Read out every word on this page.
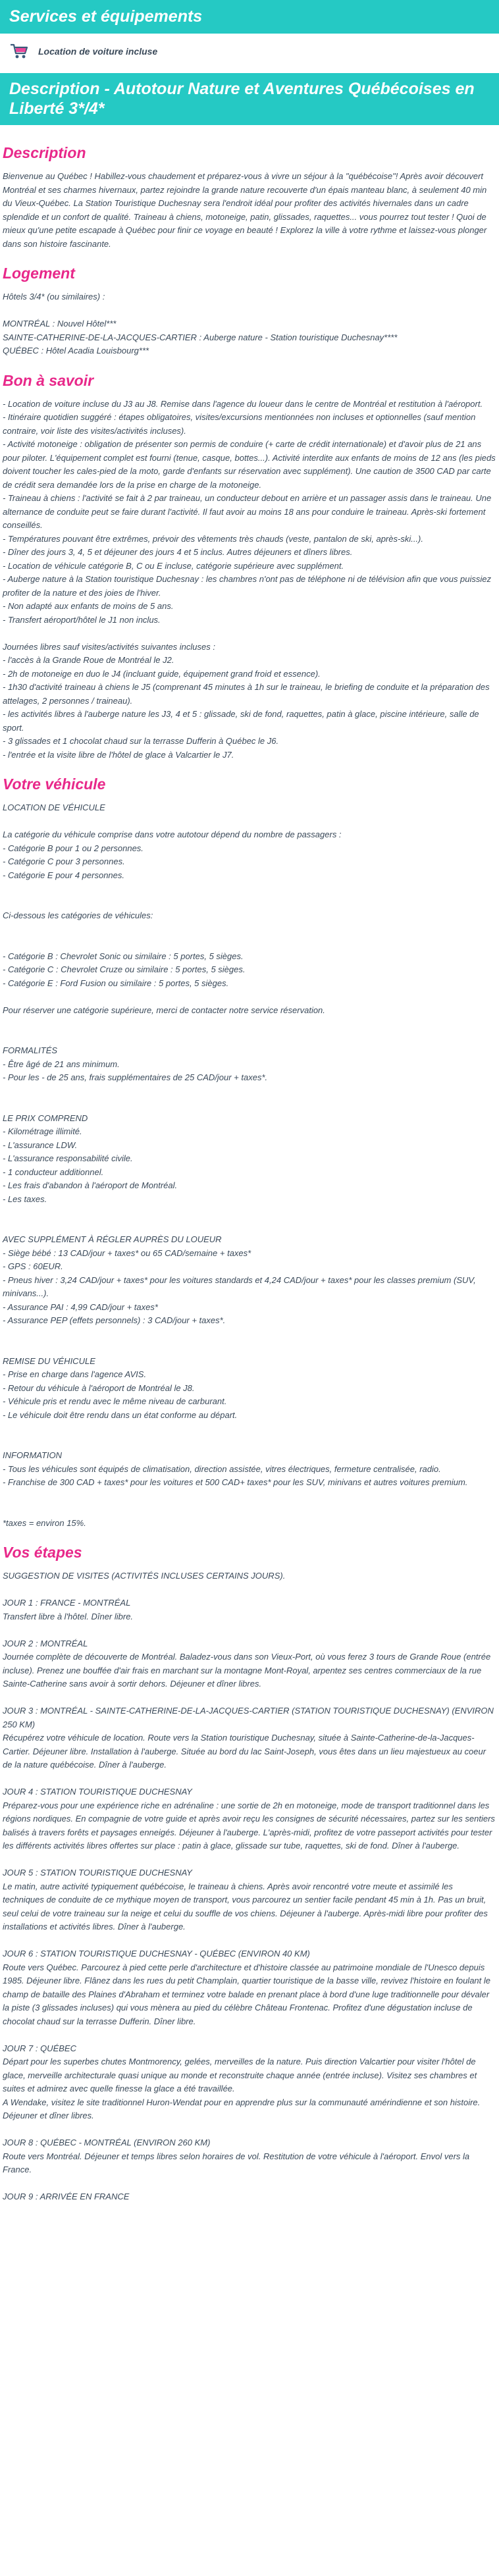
Services et équipements
Location de voiture incluse
Description - Autotour Nature et Aventures Québécoises en Liberté 3*/4*
Description

Bienvenue au Québec ! Habillez-vous chaudement et préparez-vous à vivre un séjour à la "québécoise"! Après avoir découvert Montréal et ses charmes hivernaux, partez rejoindre la grande nature recouverte d'un épais manteau blanc, à seulement 40 min du Vieux-Québec. La Station Touristique Duchesnay sera l'endroit idéal pour profiter des activités hivernales dans un cadre splendide et un confort de qualité. Traineau à chiens, motoneige, patin, glissades, raquettes... vous pourrez tout tester ! Quoi de mieux qu'une petite escapade à Québec pour finir ce voyage en beauté ! Explorez la ville à votre rythme et laissez-vous plonger dans son histoire fascinante.

Logement

Hôtels 3/4* (ou similaires) :

MONTRÉAL : Nouvel Hôtel***

SAINTE-CATHERINE-DE-LA-JACQUES-CARTIER : Auberge nature - Station touristique Duchesnay****

QUÉBEC : Hôtel Acadia Louisbourg***

Bon à savoir

- Location de voiture incluse du J3 au J8. Remise dans l'agence du loueur dans le centre de Montréal et restitution à l'aéroport.

- Itinéraire quotidien suggéré : étapes obligatoires, visites/excursions mentionnées non incluses et optionnelles (sauf mention contraire, voir liste des visites/activités incluses).

- Activité motoneige : obligation de présenter son permis de conduire (+ carte de crédit internationale) et d'avoir plus de 21 ans pour piloter. L'équipement complet est fourni (tenue, casque, bottes...). Activité interdite aux enfants de moins de 12 ans (les pieds doivent toucher les cales-pied de la moto, garde d'enfants sur réservation avec supplément). Une caution de 3500 CAD par carte de crédit sera demandée lors de la prise en charge de la motoneige.

- Traineau à chiens : l'activité se fait à 2 par traineau, un conducteur debout en arrière et un passager assis dans le traineau. Une alternance de conduite peut se faire durant l'activité. Il faut avoir au moins 18 ans pour conduire le traineau. Après-ski fortement conseillés.

- Températures pouvant être extrêmes, prévoir des vêtements très chauds (veste, pantalon de ski, après-ski...).

- Dîner des jours 3, 4, 5 et déjeuner des jours 4 et 5 inclus. Autres déjeuners et dîners libres.

- Location de véhicule catégorie B, C ou E incluse, catégorie supérieure avec supplément.

- Auberge nature à la Station touristique Duchesnay : les chambres n'ont pas de téléphone ni de télévision afin que vous puissiez profiter de la nature et des joies de l'hiver.

- Non adapté aux enfants de moins de 5 ans.

- Transfert aéroport/hôtel le J1 non inclus.

Journées libres sauf visites/activités suivantes incluses :

- l'accès à la Grande Roue de Montréal le J2.

- 2h de motoneige en duo le J4 (incluant guide, équipement grand froid et essence).

- 1h30 d'activité traineau à chiens le J5 (comprenant 45 minutes à 1h sur le traineau, le briefing de conduite et la préparation des attelages, 2 personnes / traineau).

- les activités libres à l'auberge nature les J3, 4 et 5 : glissade, ski de fond, raquettes, patin à glace, piscine intérieure, salle de sport.

- 3 glissades et 1 chocolat chaud sur la terrasse Dufferin à Québec le J6.

- l'entrée et la visite libre de l'hôtel de glace à Valcartier le J7.

Votre véhicule

LOCATION DE VÉHICULE

La catégorie du véhicule comprise dans votre autotour dépend du nombre de passagers :

- Catégorie B pour 1 ou 2 personnes.

- Catégorie C pour 3 personnes.

- Catégorie E pour 4 personnes.

Ci-dessous les catégories de véhicules:

- Catégorie B : Chevrolet Sonic ou similaire : 5 portes, 5 sièges.

- Catégorie C : Chevrolet Cruze ou similaire : 5 portes, 5 sièges.

- Catégorie E : Ford Fusion ou similaire : 5 portes, 5 sièges.

Pour réserver une catégorie supérieure, merci de contacter notre service réservation.

FORMALITÉS

- Être âgé de 21 ans minimum.

- Pour les - de 25 ans, frais supplémentaires de 25 CAD/jour + taxes*.

LE PRIX COMPREND

- Kilométrage illimité.

- L'assurance LDW.

- L'assurance responsabilité civile.

- 1 conducteur additionnel.

- Les frais d'abandon à l'aéroport de Montréal.

- Les taxes.

AVEC SUPPLÉMENT À RÉGLER AUPRÈS DU LOUEUR

- Siège bébé : 13 CAD/jour + taxes* ou 65 CAD/semaine + taxes*

- GPS : 60EUR.

- Pneus hiver : 3,24 CAD/jour + taxes* pour les voitures standards et 4,24 CAD/jour + taxes* pour les classes premium (SUV, minivans...).

- Assurance PAI : 4,99 CAD/jour + taxes*

- Assurance PEP (effets personnels) : 3 CAD/jour + taxes*.

REMISE DU VÉHICULE

- Prise en charge dans l'agence AVIS.

- Retour du véhicule à l'aéroport de Montréal le J8.

- Véhicule pris et rendu avec le même niveau de carburant.

- Le véhicule doit être rendu dans un état conforme au départ.

INFORMATION

- Tous les véhicules sont équipés de climatisation, direction assistée, vitres électriques, fermeture centralisée, radio.

- Franchise de 300 CAD + taxes* pour les voitures et 500 CAD+ taxes* pour les SUV, minivans et autres voitures premium.

*taxes = environ 15%.

Vos étapes

SUGGESTION DE VISITES (ACTIVITÉS INCLUSES CERTAINS JOURS).

JOUR 1 : FRANCE - MONTRÉAL

Transfert libre à l'hôtel. Dîner libre.

JOUR 2 : MONTRÉAL

Journée complète de découverte de Montréal. Baladez-vous dans son Vieux-Port, où vous ferez 3 tours de Grande Roue (entrée incluse). Prenez une bouffée d'air frais en marchant sur la montagne Mont-Royal, arpentez ses centres commerciaux de la rue Sainte-Catherine sans avoir à sortir dehors. Déjeuner et dîner libres.

JOUR 3 : MONTRÉAL - SAINTE-CATHERINE-DE-LA-JACQUES-CARTIER (STATION TOURISTIQUE DUCHESNAY) (ENVIRON 250 KM)

Récupérez votre véhicule de location. Route vers la Station touristique Duchesnay, située à Sainte-Catherine-de-la-Jacques-Cartier. Déjeuner libre. Installation à l'auberge. Située au bord du lac Saint-Joseph, vous êtes dans un lieu majestueux au coeur de la nature québécoise. Dîner à l'auberge.

JOUR 4 : STATION TOURISTIQUE DUCHESNAY

Préparez-vous pour une expérience riche en adrénaline : une sortie de 2h en motoneige, mode de transport traditionnel dans les régions nordiques. En compagnie de votre guide et après avoir reçu les consignes de sécurité nécessaires, partez sur les sentiers balisés à travers forêts et paysages enneigés. Déjeuner à l'auberge. L'après-midi, profitez de votre passeport activités pour tester les différents activités libres offertes sur place : patin à glace, glissade sur tube, raquettes, ski de fond. Dîner à l'auberge.

JOUR 5 : STATION TOURISTIQUE DUCHESNAY

Le matin, autre activité typiquement québécoise, le traineau à chiens. Après avoir rencontré votre meute et assimilé les techniques de conduite de ce mythique moyen de transport, vous parcourez un sentier facile pendant 45 min à 1h. Pas un bruit, seul celui de votre traineau sur la neige et celui du souffle de vos chiens. Déjeuner à l'auberge. Après-midi libre pour profiter des installations et activités libres. Dîner à l'auberge.

JOUR 6 : STATION TOURISTIQUE DUCHESNAY - QUÉBEC (ENVIRON 40 KM)

Route vers Québec. Parcourez à pied cette perle d'architecture et d'histoire classée au patrimoine mondiale de l'Unesco depuis 1985. Déjeuner libre. Flânez dans les rues du petit Champlain, quartier touristique de la basse ville, revivez l'histoire en foulant le champ de bataille des Plaines d'Abraham et terminez votre balade en prenant place à bord d'une luge traditionnelle pour dévaler la piste (3 glissades incluses) qui vous mènera au pied du célèbre Château Frontenac. Profitez d'une dégustation incluse de chocolat chaud sur la terrasse Dufferin. Dîner libre.

JOUR 7 : QUÉBEC

Départ pour les superbes chutes Montmorency, gelées, merveilles de la nature. Puis direction Valcartier pour visiter l'hôtel de glace, merveille architecturale quasi unique au monde et reconstruite chaque année (entrée incluse). Visitez ses chambres et suites et admirez avec quelle finesse la glace a été travaillée.

A Wendake, visitez le site traditionnel Huron-Wendat pour en apprendre plus sur la communauté amérindienne et son histoire. Déjeuner et dîner libres.

JOUR 8 : QUÉBEC - MONTRÉAL (ENVIRON 260 KM)

Route vers Montréal. Déjeuner et temps libres selon horaires de vol. Restitution de votre véhicule à l'aéroport. Envol vers la France.

JOUR 9 : ARRIVÉE EN FRANCE
